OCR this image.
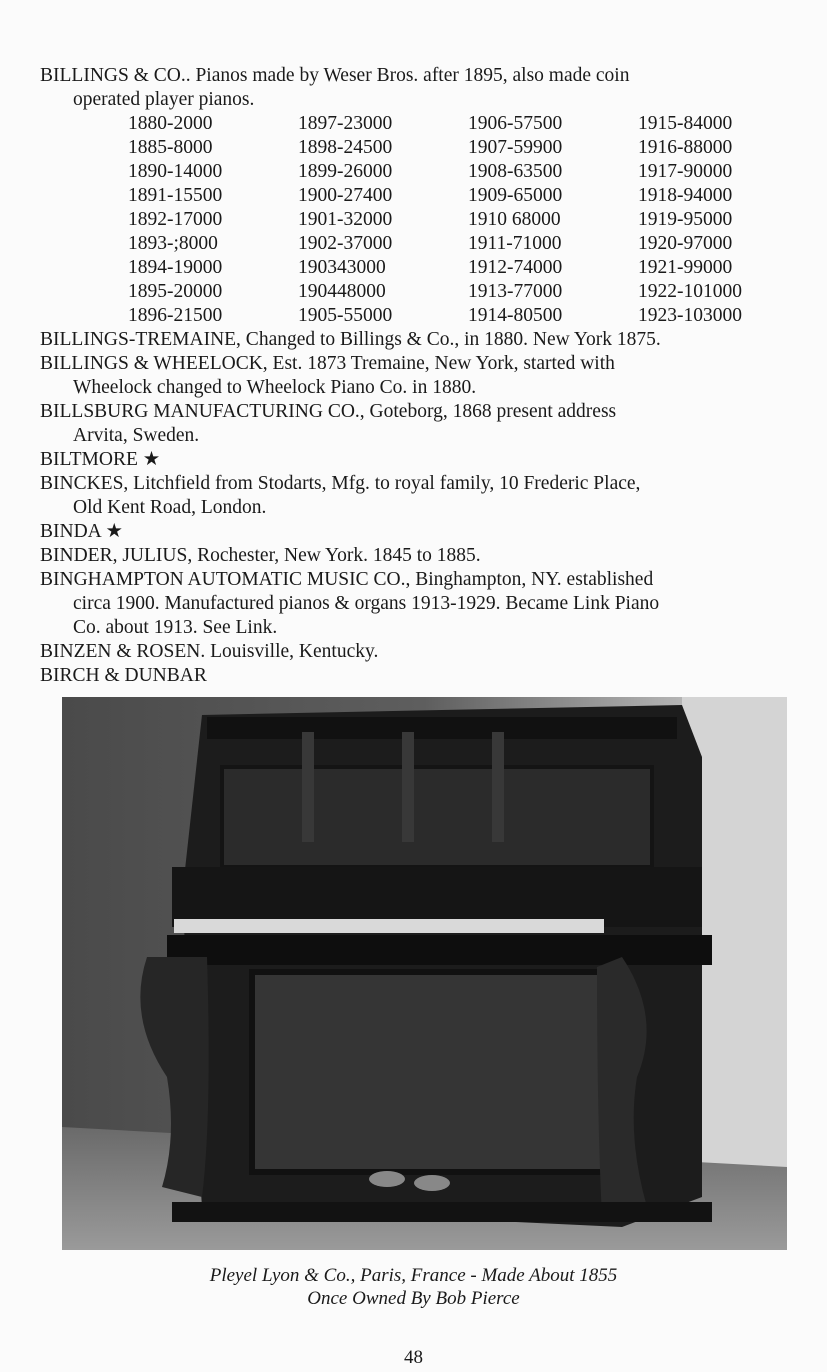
BILLINGS & CO.. Pianos made by Weser Bros. after 1895, also made coin
operated player pianos.
1880-2000	1897-23000	1906-57500	1915-84000
1885-8000	1898-24500	1907-59900	1916-88000
1890-14000	1899-26000	1908-63500	1917-90000
1891-15500	1900-27400	1909-65000	1918-94000
1892-17000	1901-32000	1910 68000	1919-95000
1893-;8000	1902-37000	1911-71000	1920-97000
1894-19000	190343000	1912-74000	1921-99000
1895-20000	190448000	1913-77000	1922-101000
1896-21500	1905-55000	1914-80500	1923-103000
BILLINGS-TREMAINE, Changed to Billings & Co., in 1880. New York 1875.
BILLINGS & WHEELOCK, Est. 1873 Tremaine, New York, started with
Wheelock changed to Wheelock Piano Co. in 1880.
BILLSBURG MANUFACTURING CO., Goteborg, 1868 present address
Arvita, Sweden.
BILTMORE ★
BINCKES, Litchfield from Stodarts, Mfg. to royal family, 10 Frederic Place,
Old Kent Road, London.
BINDA ★
BINDER, JULIUS, Rochester, New York. 1845 to 1885.
BINGHAMPTON AUTOMATIC MUSIC CO., Binghampton, NY. established
circa 1900. Manufactured pianos & organs 1913-1929. Became Link Piano
Co. about 1913. See Link.
BINZEN & ROSEN. Louisville, Kentucky.
BIRCH & DUNBAR
Pleyel Lyon & Co., Paris, France - Made About 1855
Once Owned By Bob Pierce
48
